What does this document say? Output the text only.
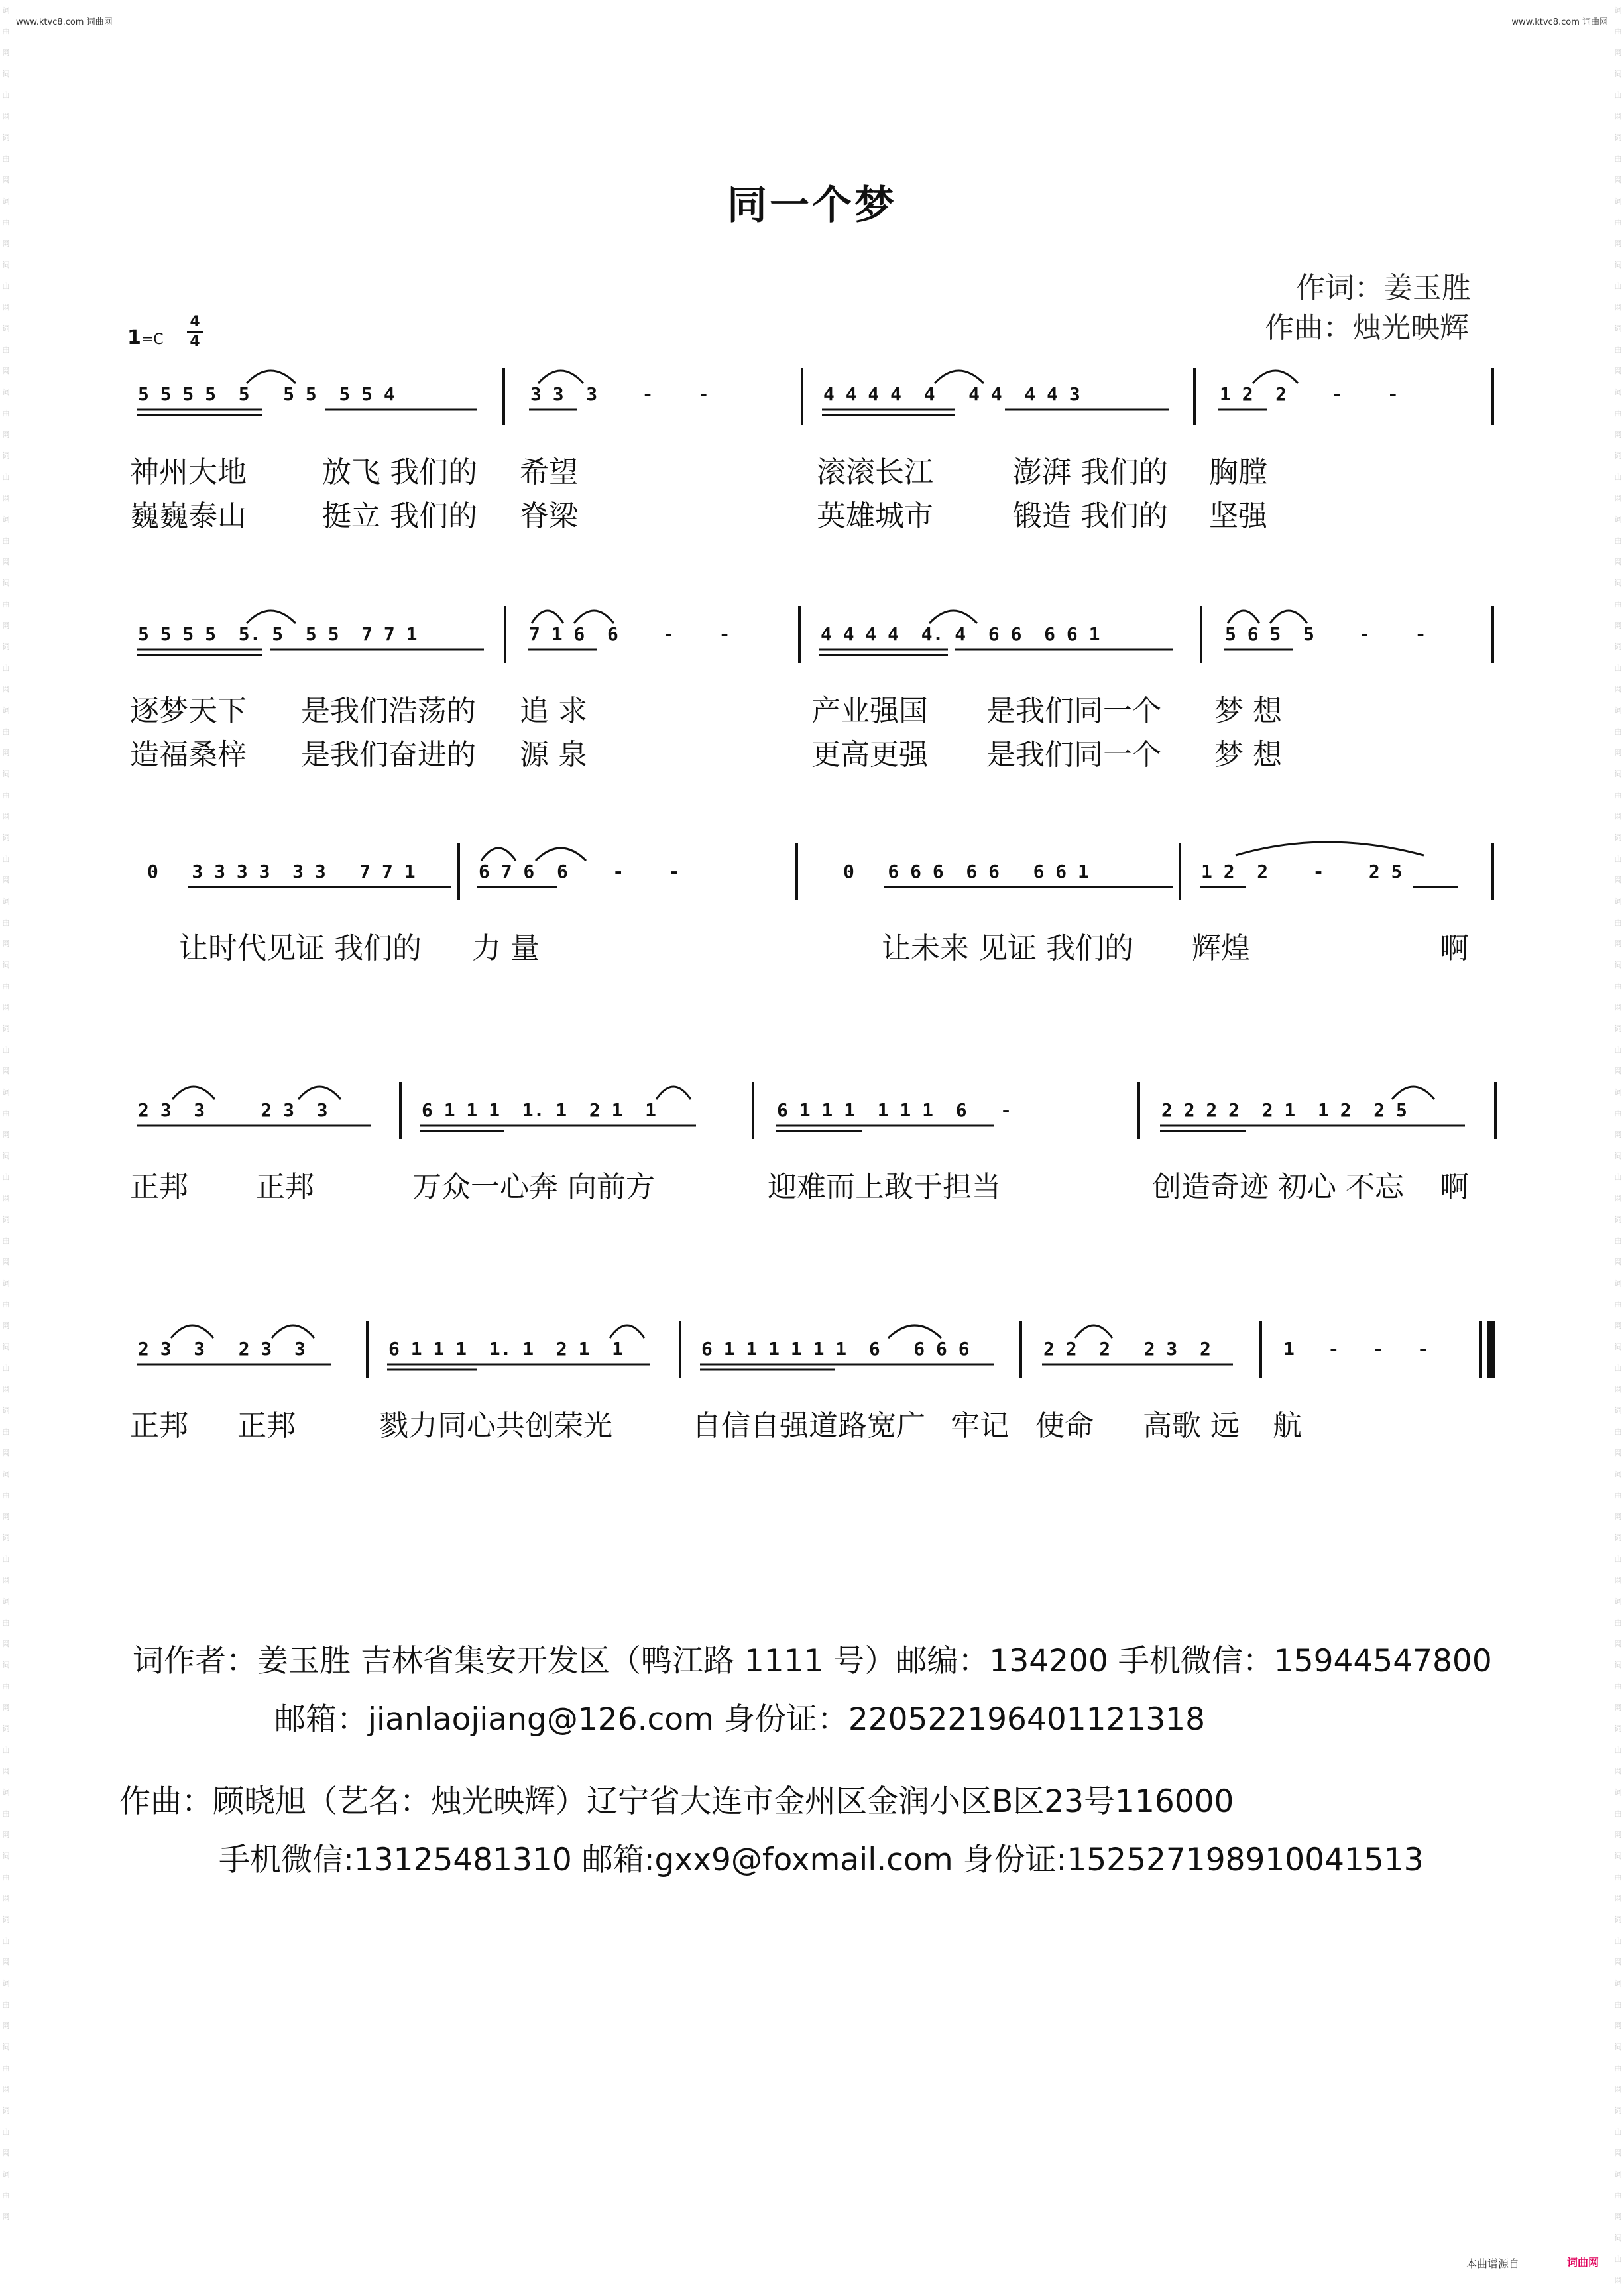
词
曲
网
词
曲
网
词
曲
网
词
曲
网
词
曲
网
词
曲
网
词
曲
网
词
曲
网
词
曲
网
词
曲
网
词
曲
网
词
曲
网
词
曲
网
词
曲
网
词
曲
网
词
曲
网
词
曲
网
词
曲
网
词
曲
网
词
曲
网
词
曲
网
词
曲
网
词
曲
网
词
曲
网
词
曲
网
词
曲
网
词
曲
网
词
曲
网
词
曲
网
词
曲
网
词
曲
网
词
曲
网
词
曲
网
词
曲
网
词
曲
网
词
曲
网
词
曲
网
词
曲
网
词
曲
网
词
曲
网
词
曲
网
词
曲
网
词
曲
网
词
曲
网
词
曲
网
词
曲
网
词
曲
网
词
曲
网
词
曲
网
词
曲
网
词
曲
网
词
曲
网
词
曲
网
词
曲
网
词
曲
网
词
曲
网
词
曲
网
词
曲
网
词
曲
网
词
曲
网
词
曲
网
词
曲
网
词
曲
网
词
曲
网
词
曲
网
词
曲
网
词
曲
网
词
曲
网
词
曲
网
词
曲
网
词
曲
网
www.ktvc8.com 词曲网	www.ktvc8.com 词曲网
同一个梦
作词：姜玉胜
作曲：烛光映辉
1=C
4
4
5 5 5 5  5   5 5  5 5 4	3 3  3    -    -	4 4 4 4  4   4 4  4 4 3	1 2  2    -    -
神州大地	放飞 我们的 希望	滚滚长江	澎湃 我们的 胸膛
巍巍泰山	挺立 我们的 脊梁	英雄城市	锻造 我们的 坚强
5 5 5 5  5. 5  5 5  7 7 1	7 1 6  6    -    -	4 4 4 4  4. 4  6 6  6 6 1	5 6 5  5    -    -
逐梦天下 是我们浩荡的 追 求	产业强国 是我们同一个 梦 想
造福桑梓 是我们奋进的 源 泉	更高更强 是我们同一个 梦 想
0   3 3 3 3  3 3   7 7 1	6 7 6  6    -    -	0   6 6 6  6 6   6 6 1	1 2  2    -    2 5
让时代见证 我们的 力 量	让未来 见证 我们的 辉煌	啊
2 3  3     2 3  3	6 1 1 1  1. 1  2 1  1	6 1 1 1  1 1 1  6   -	2 2 2 2  2 1  1 2  2 5
正邦 正邦	万众一心奔 向前方	迎难而上敢于担当	创造奇迹 初心 不忘 啊
2 3  3   2 3  3	6 1 1 1  1. 1  2 1  1	6 1 1 1 1 1 1  6   6 6 6	2 2  2   2 3  2	1   -   -   -
正邦 正邦	戮力同心共创荣光	自信自强道路宽广 牢记 使命 高歌 远 航
词作者：姜玉胜 吉林省集安开发区（鸭江路 1111 号）邮编：134200 手机微信：15944547800
邮箱：jianlaojiang@126.com 身份证：220522196401121318
作曲：顾晓旭（艺名：烛光映辉）辽宁省大连市金州区金润小区B区23号116000
手机微信:13125481310 邮箱:gxx9@foxmail.com 身份证:152527198910041513
本曲谱源自	词曲网
